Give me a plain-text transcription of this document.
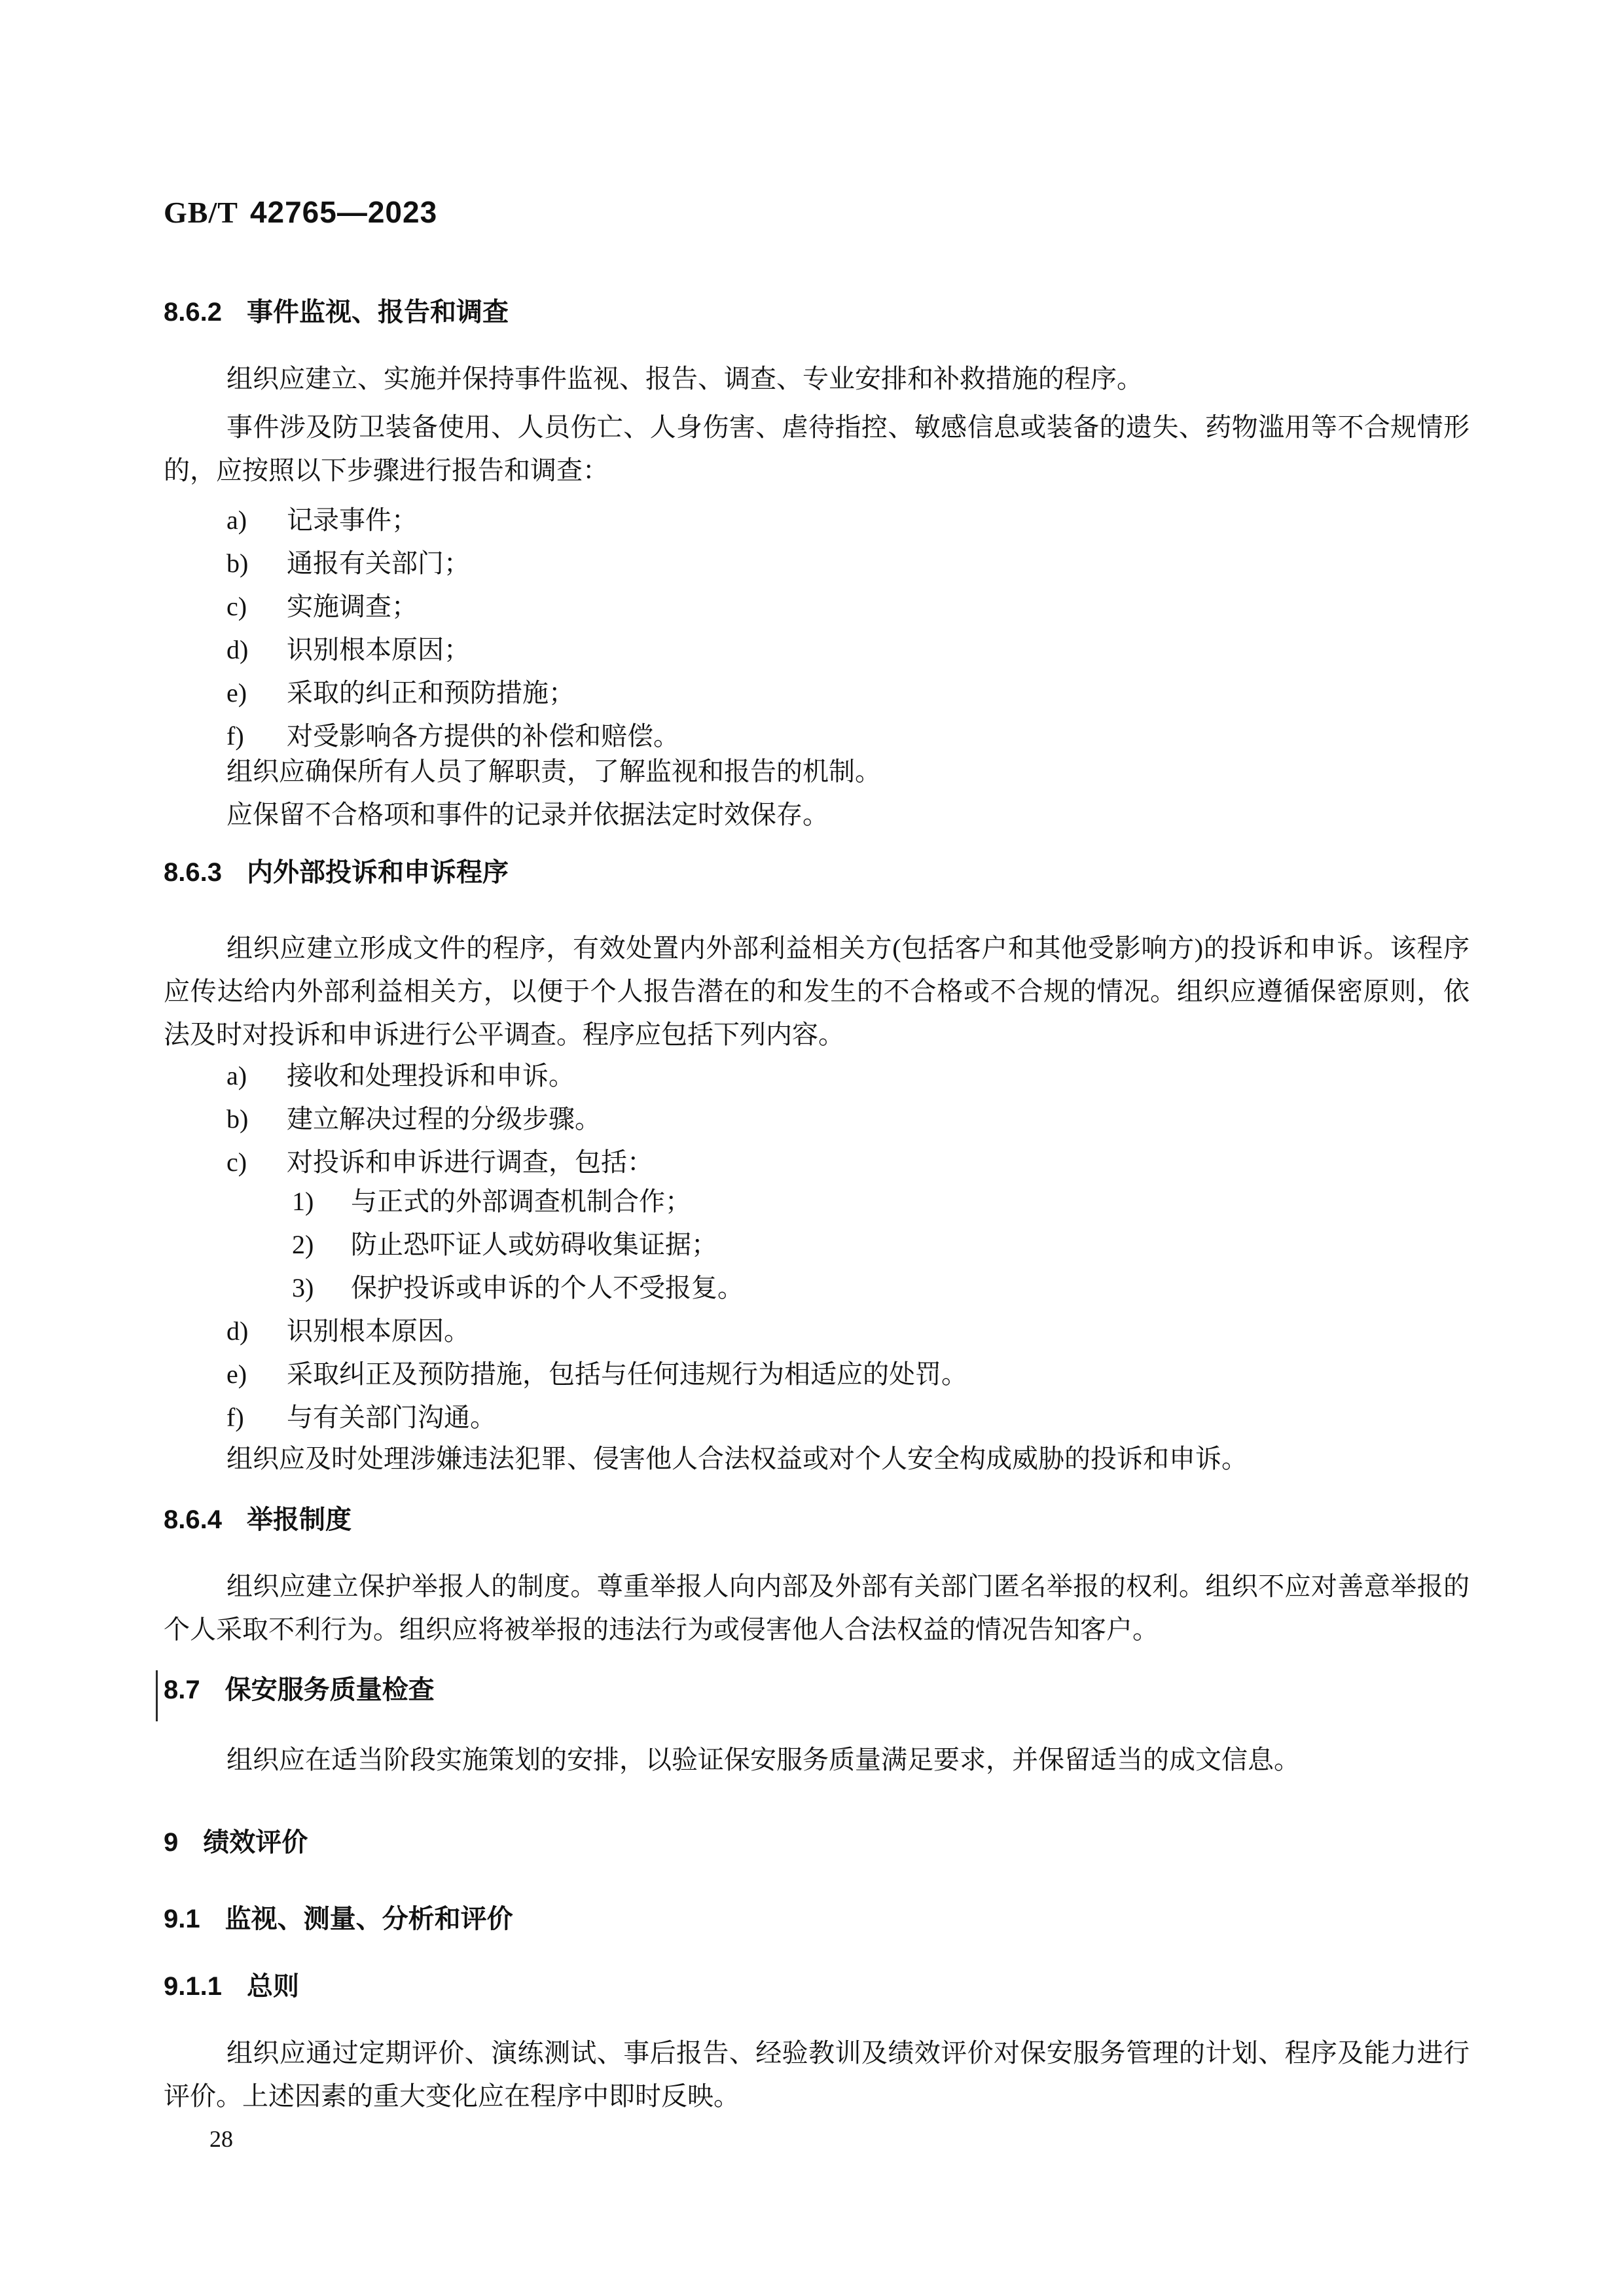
GB/T 42765—2023
8.6.2 事件监视、报告和调查

组织应建立、实施并保持事件监视、报告、调查、专业安排和补救措施的程序。

事件涉及防卫装备使用、人员伤亡、人身伤害、虐待指控、敏感信息或装备的遗失、药物滥用等不合规情形的，应按照以下步骤进行报告和调查：

a)	记录事件；
b)	通报有关部门；
c)	实施调查；
d)	识别根本原因；
e)	采取的纠正和预防措施；
f)	对受影响各方提供的补偿和赔偿。

组织应确保所有人员了解职责，了解监视和报告的机制。

应保留不合格项和事件的记录并依据法定时效保存。

8.6.3 内外部投诉和申诉程序

组织应建立形成文件的程序，有效处置内外部利益相关方(包括客户和其他受影响方)的投诉和申诉。该程序应传达给内外部利益相关方，以便于个人报告潜在的和发生的不合格或不合规的情况。组织应遵循保密原则，依法及时对投诉和申诉进行公平调查。程序应包括下列内容。

a)	接收和处理投诉和申诉。
b)	建立解决过程的分级步骤。
c)	对投诉和申诉进行调查，包括：
1)	与正式的外部调查机制合作；
2)	防止恐吓证人或妨碍收集证据；
3)	保护投诉或申诉的个人不受报复。
d)	识别根本原因。
e)	采取纠正及预防措施，包括与任何违规行为相适应的处罚。
f)	与有关部门沟通。

组织应及时处理涉嫌违法犯罪、侵害他人合法权益或对个人安全构成威胁的投诉和申诉。

8.6.4 举报制度

组织应建立保护举报人的制度。尊重举报人向内部及外部有关部门匿名举报的权利。组织不应对善意举报的个人采取不利行为。组织应将被举报的违法行为或侵害他人合法权益的情况告知客户。

8.7 保安服务质量检查

组织应在适当阶段实施策划的安排，以验证保安服务质量满足要求，并保留适当的成文信息。

9 绩效评价
9.1 监视、测量、分析和评价
9.1.1 总则

组织应通过定期评价、演练测试、事后报告、经验教训及绩效评价对保安服务管理的计划、程序及能力进行评价。上述因素的重大变化应在程序中即时反映。

28
